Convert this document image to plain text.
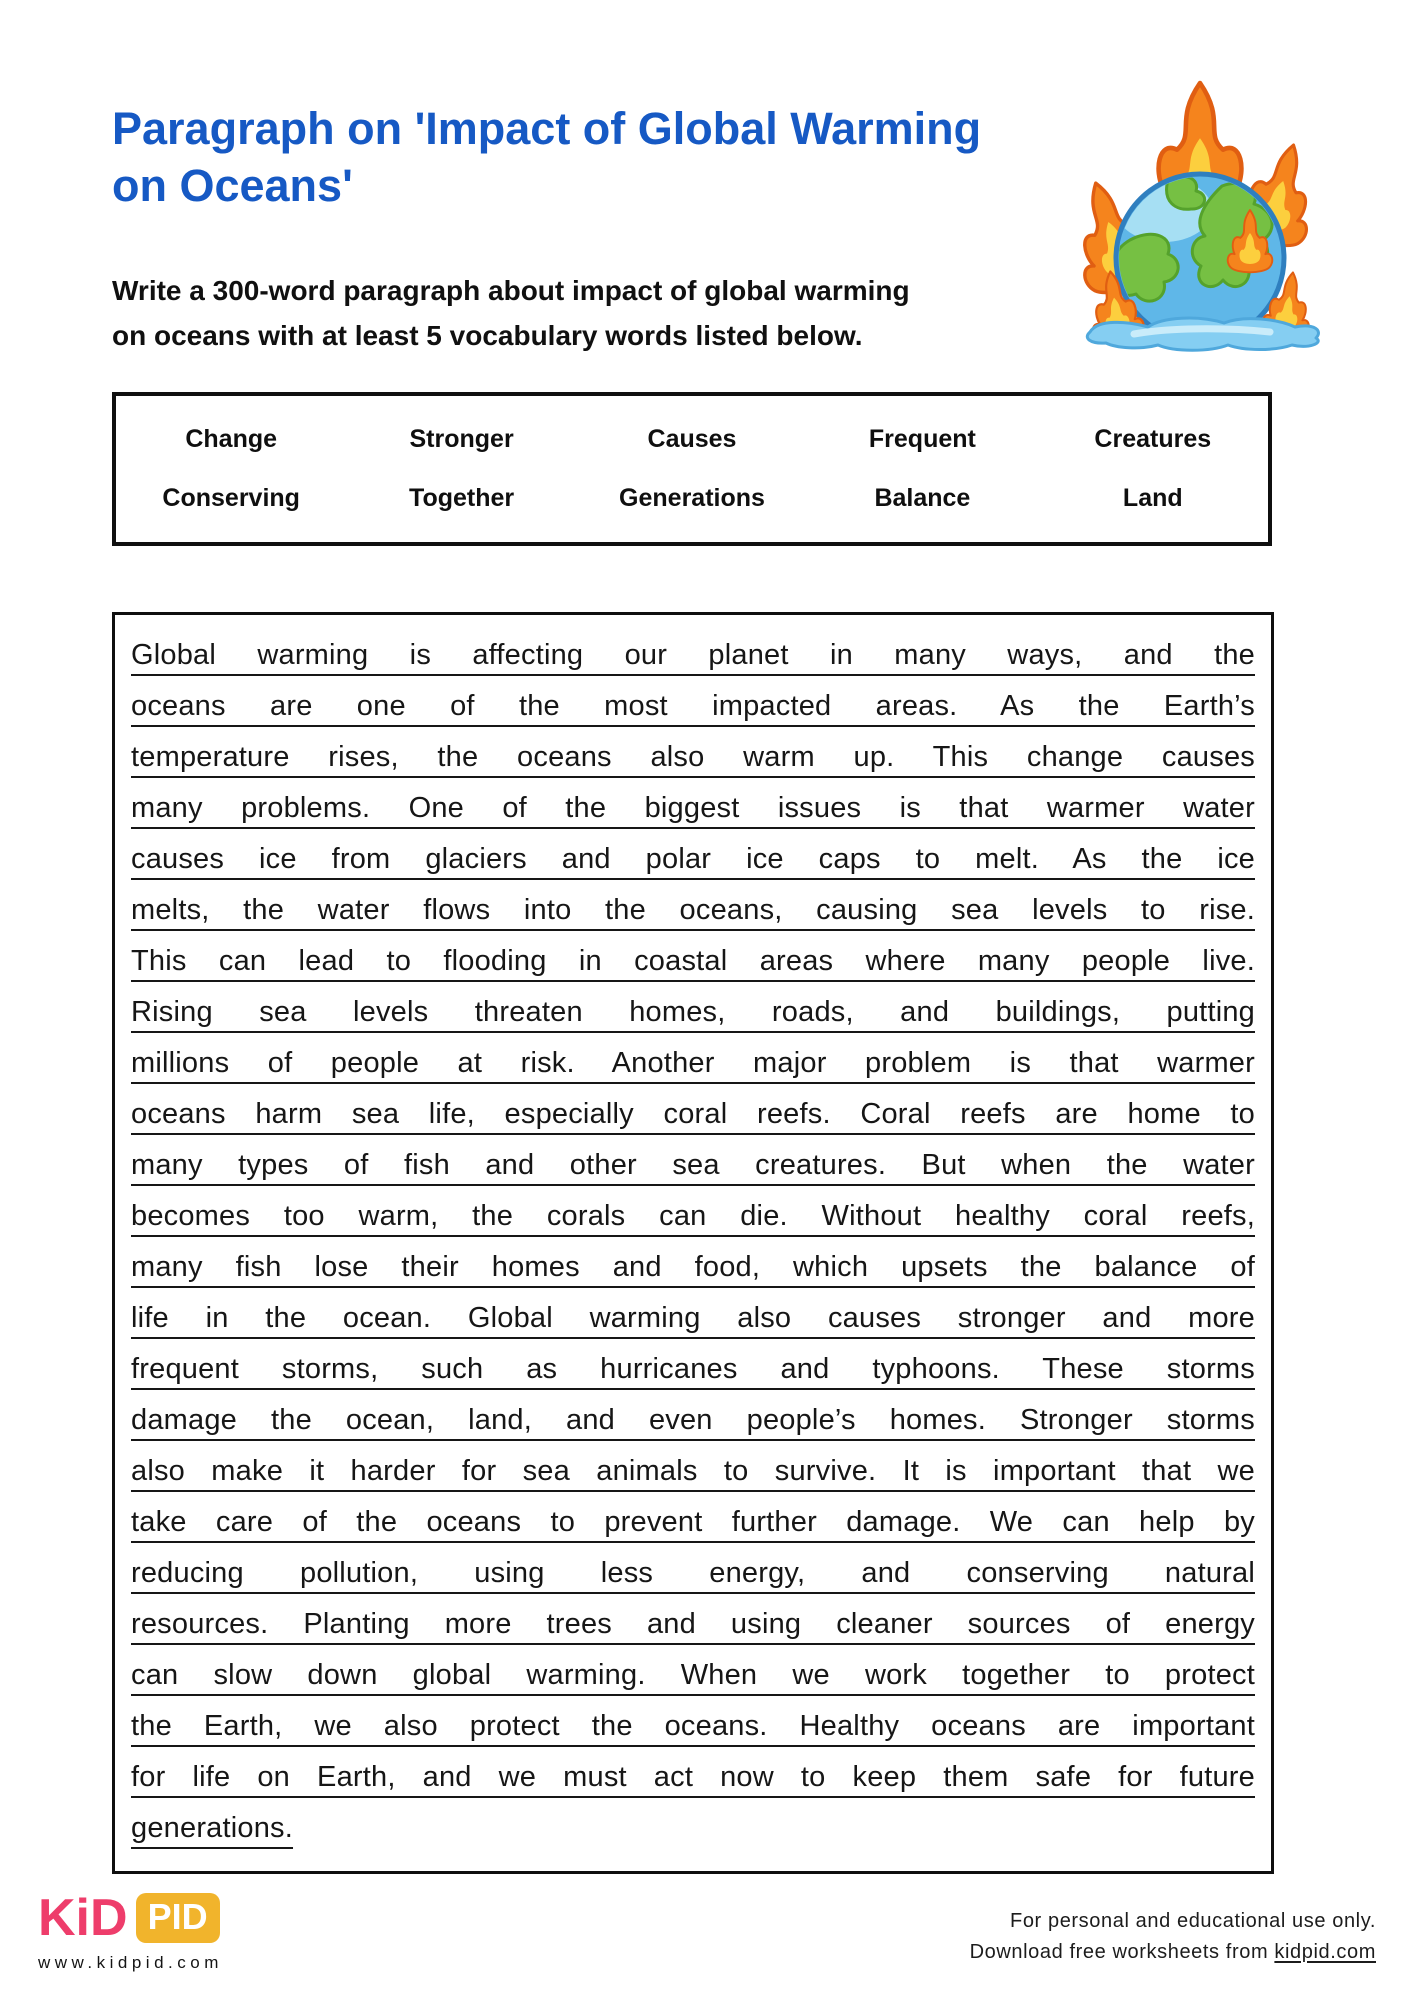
Paragraph on 'Impact of Global Warming
on Oceans'
Write a 300-word paragraph about impact of global warming
on oceans with at least 5 vocabulary words listed below.
Change	Stronger	Causes	Frequent	Creatures
Conserving	Together	Generations	Balance	Land
Global warming is affecting our planet in many ways, and the
oceans are one of the most impacted areas. As the Earth’s
temperature rises, the oceans also warm up. This change causes
many problems. One of the biggest issues is that warmer water
causes ice from glaciers and polar ice caps to melt. As the ice
melts, the water flows into the oceans, causing sea levels to rise.
This can lead to flooding in coastal areas where many people live.
Rising sea levels threaten homes, roads, and buildings, putting
millions of people at risk. Another major problem is that warmer
oceans harm sea life, especially coral reefs. Coral reefs are home to
many types of fish and other sea creatures. But when the water
becomes too warm, the corals can die. Without healthy coral reefs,
many fish lose their homes and food, which upsets the balance of
life in the ocean. Global warming also causes stronger and more
frequent storms, such as hurricanes and typhoons. These storms
damage the ocean, land, and even people’s homes. Stronger storms
also make it harder for sea animals to survive. It is important that we
take care of the oceans to prevent further damage. We can help by
reducing pollution, using less energy, and conserving natural
resources. Planting more trees and using cleaner sources of energy
can slow down global warming. When we work together to protect
the Earth, we also protect the oceans. Healthy oceans are important
for life on Earth, and we must act now to keep them safe for future
generations.
KiD PID
www.kidpid.com
For personal and educational use only.
Download free worksheets from kidpid.com
